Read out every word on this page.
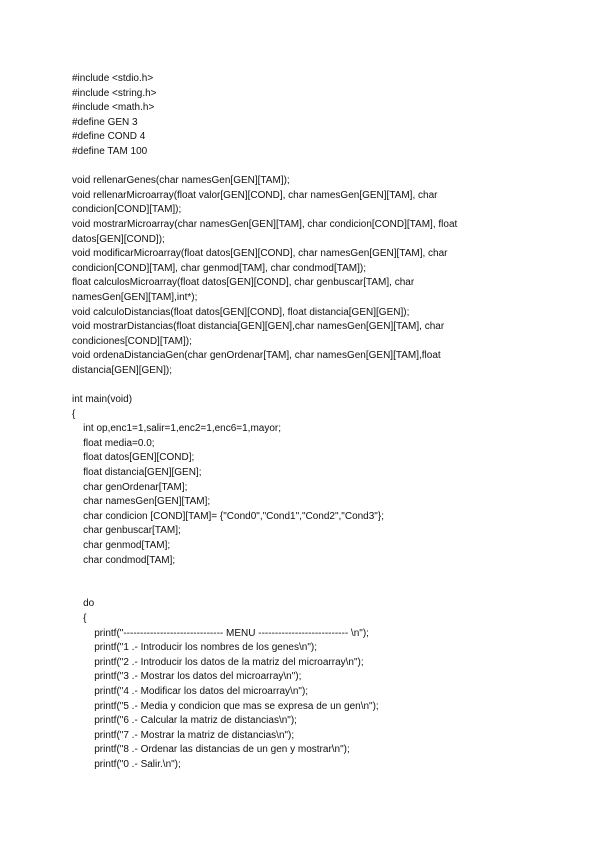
#include <stdio.h>
#include <string.h>
#include <math.h>
#define GEN 3
#define COND 4
#define TAM 100
void rellenarGenes(char namesGen[GEN][TAM]);
void rellenarMicroarray(float valor[GEN][COND], char namesGen[GEN][TAM], char
condicion[COND][TAM]);
void mostrarMicroarray(char namesGen[GEN][TAM], char condicion[COND][TAM], float
datos[GEN][COND]);
void modificarMicroarray(float datos[GEN][COND], char namesGen[GEN][TAM], char
condicion[COND][TAM], char genmod[TAM], char condmod[TAM]);
float calculosMicroarray(float datos[GEN][COND], char genbuscar[TAM], char
namesGen[GEN][TAM],int*);
void calculoDistancias(float datos[GEN][COND], float distancia[GEN][GEN]);
void mostrarDistancias(float distancia[GEN][GEN],char namesGen[GEN][TAM], char
condiciones[COND][TAM]);
void ordenaDistanciaGen(char genOrdenar[TAM], char namesGen[GEN][TAM],float
distancia[GEN][GEN]);
int main(void)
{
int op,enc1=1,salir=1,enc2=1,enc6=1,mayor;
float media=0.0;
float datos[GEN][COND];
float distancia[GEN][GEN];
char genOrdenar[TAM];
char namesGen[GEN][TAM];
char condicion [COND][TAM]= {"Cond0","Cond1","Cond2","Cond3"};
char genbuscar[TAM];
char genmod[TAM];
char condmod[TAM];
do
{
printf("------------------------------ MENU --------------------------- \n");
printf("1 .- Introducir los nombres de los genes\n");
printf("2 .- Introducir los datos de la matriz del microarray\n");
printf("3 .- Mostrar los datos del microarray\n");
printf("4 .- Modificar los datos del microarray\n");
printf("5 .- Media y condicion que mas se expresa de un gen\n");
printf("6 .- Calcular la matriz de distancias\n");
printf("7 .- Mostrar la matriz de distancias\n");
printf("8 .- Ordenar las distancias de un gen y mostrar\n");
printf("0 .- Salir.\n");
